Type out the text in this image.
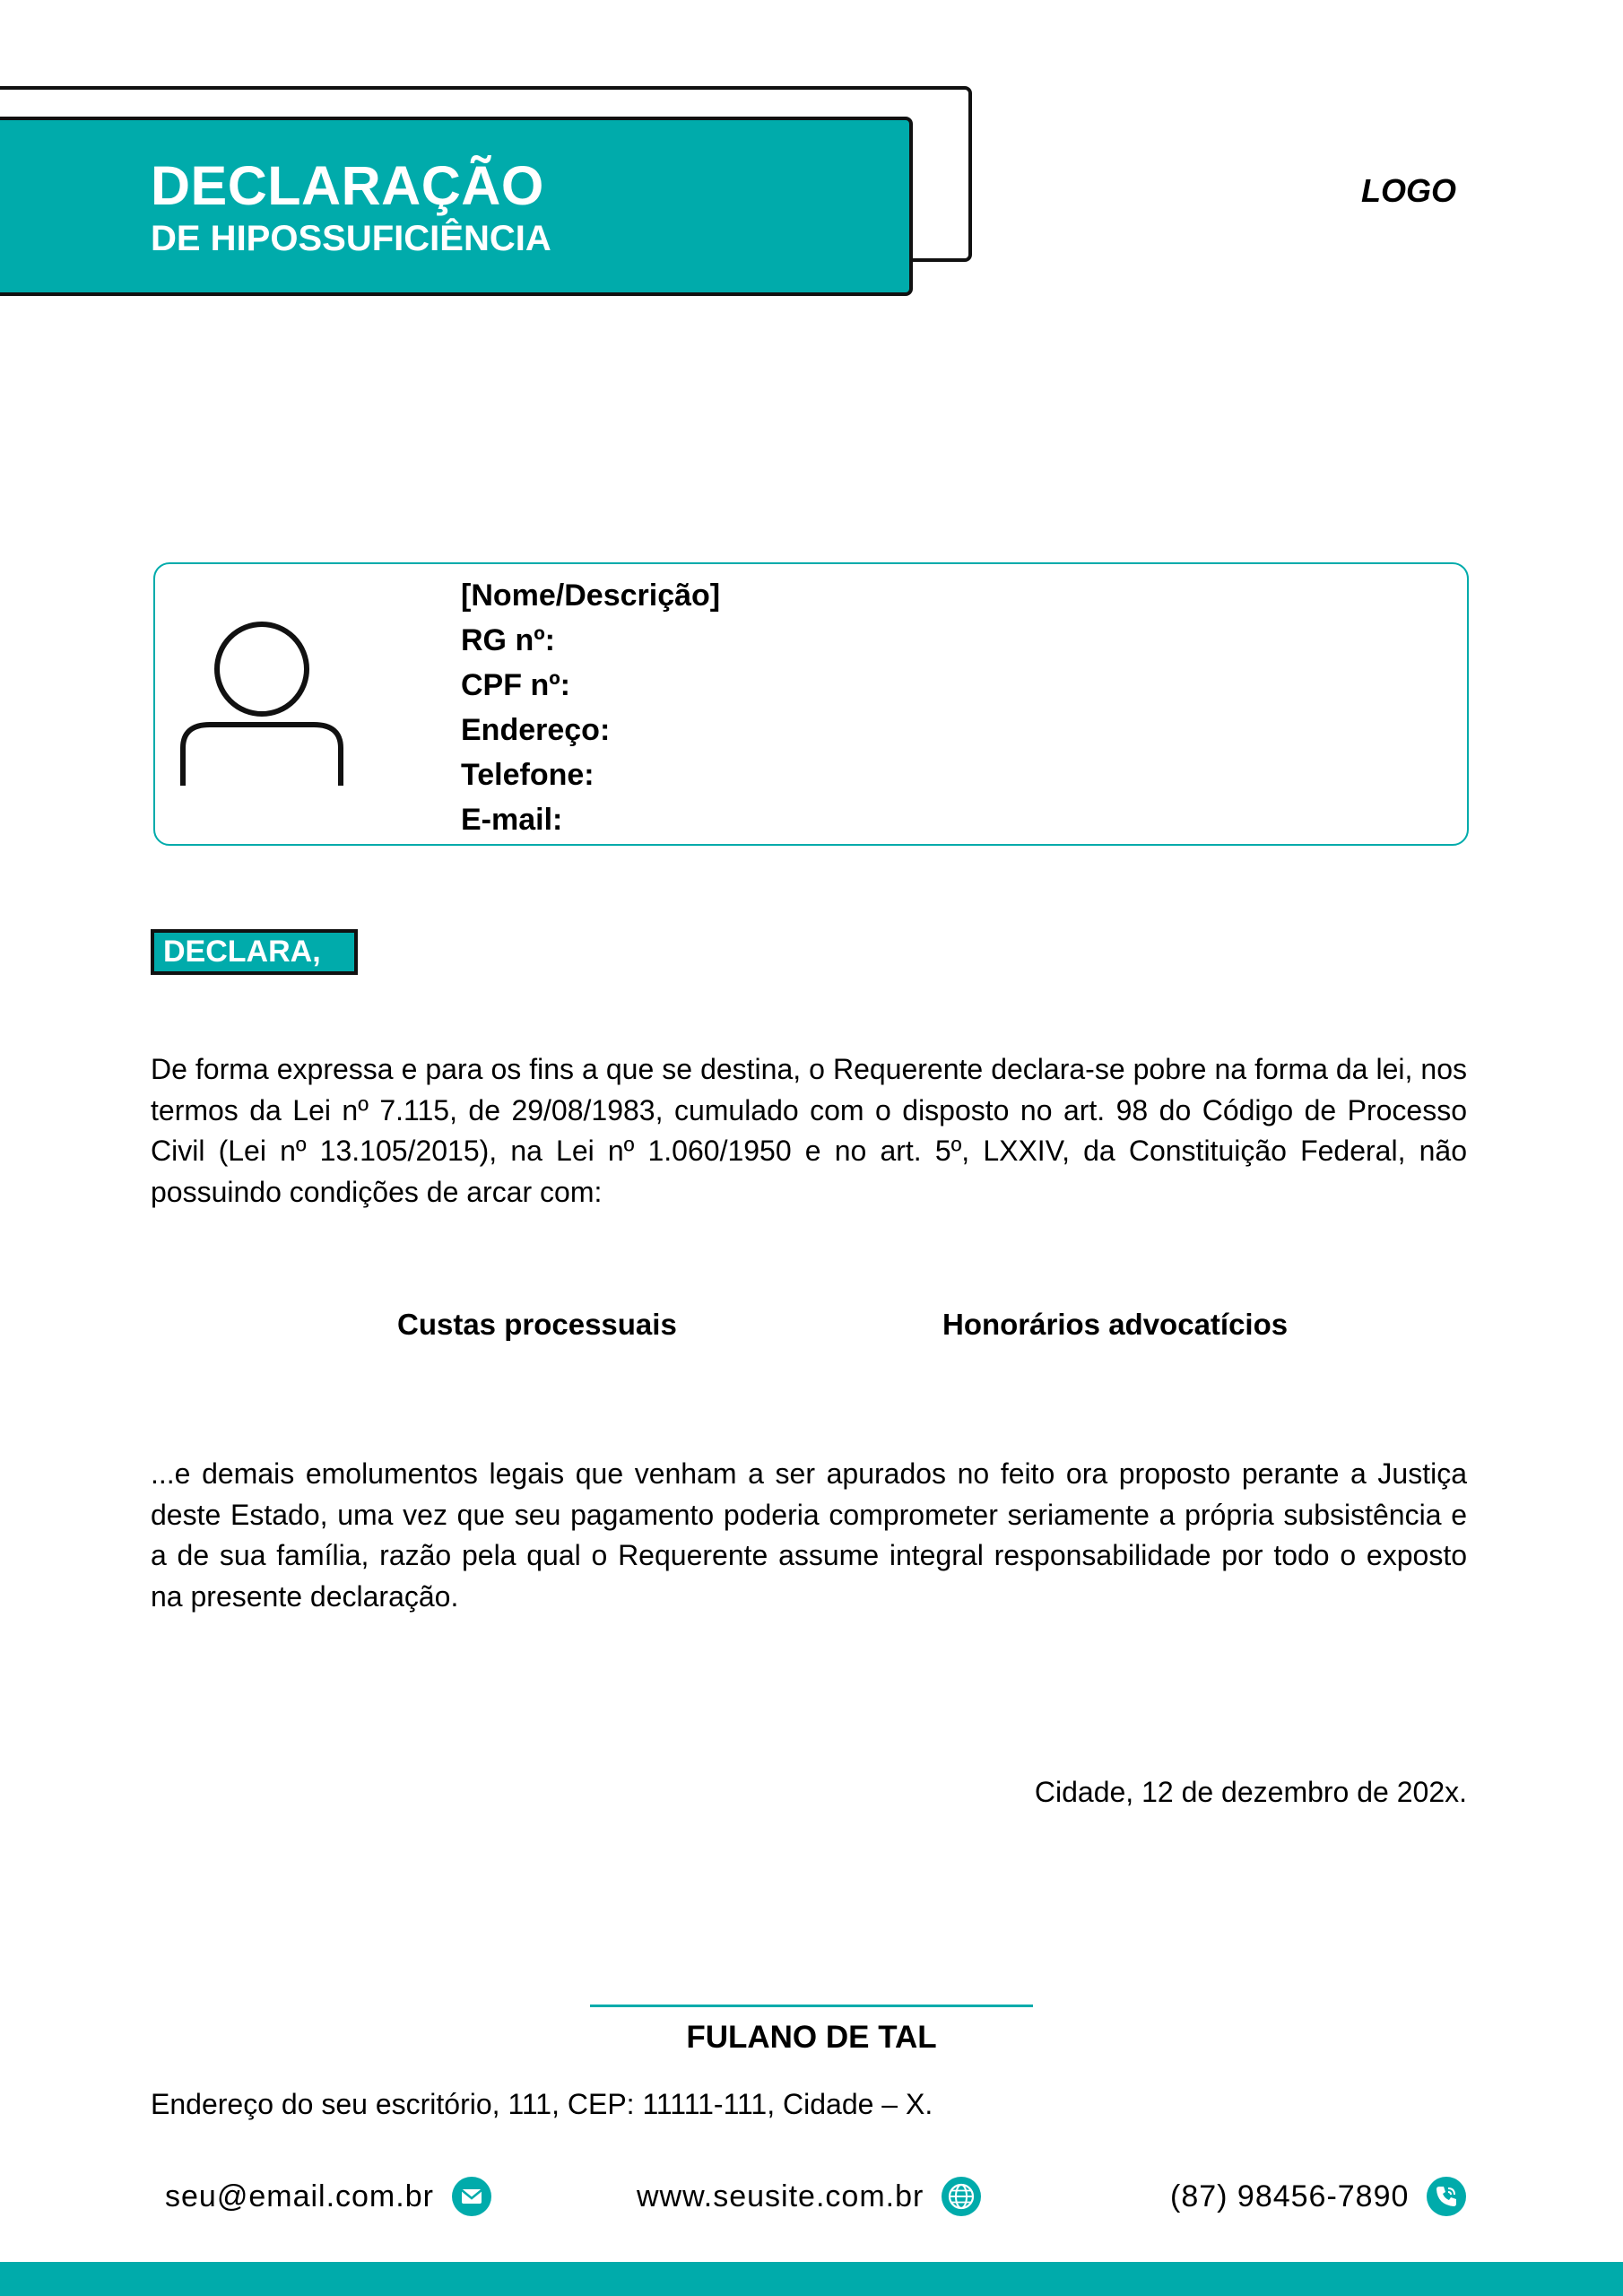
DECLARAÇÃO
DE HIPOSSUFICIÊNCIA
LOGO
[Nome/Descrição]
RG nº:
CPF nº:
Endereço:
Telefone:
E-mail:
DECLARA,
De forma expressa e para os fins a que se destina, o Requerente declara-se pobre na forma da lei, nos termos da Lei nº 7.115, de 29/08/1983, cumulado com o disposto no art. 98 do Código de Processo Civil (Lei nº 13.105/2015), na Lei nº 1.060/1950 e no art. 5º, LXXIV, da Constituição Federal, não possuindo condições de arcar com:
Custas processuais	Honorários advocatícios
...e demais emolumentos legais que venham a ser apurados no feito ora proposto perante a Justiça deste Estado, uma vez que seu pagamento poderia comprometer seriamente a própria subsistência e a de sua família, razão pela qual o Requerente assume integral responsabilidade por todo o exposto na presente declaração.
Cidade, 12 de dezembro de 202x.
FULANO DE TAL
Endereço do seu escritório, 111, CEP: 11111-111, Cidade – X.
seu@email.com.br	www.seusite.com.br	(87) 98456-7890
